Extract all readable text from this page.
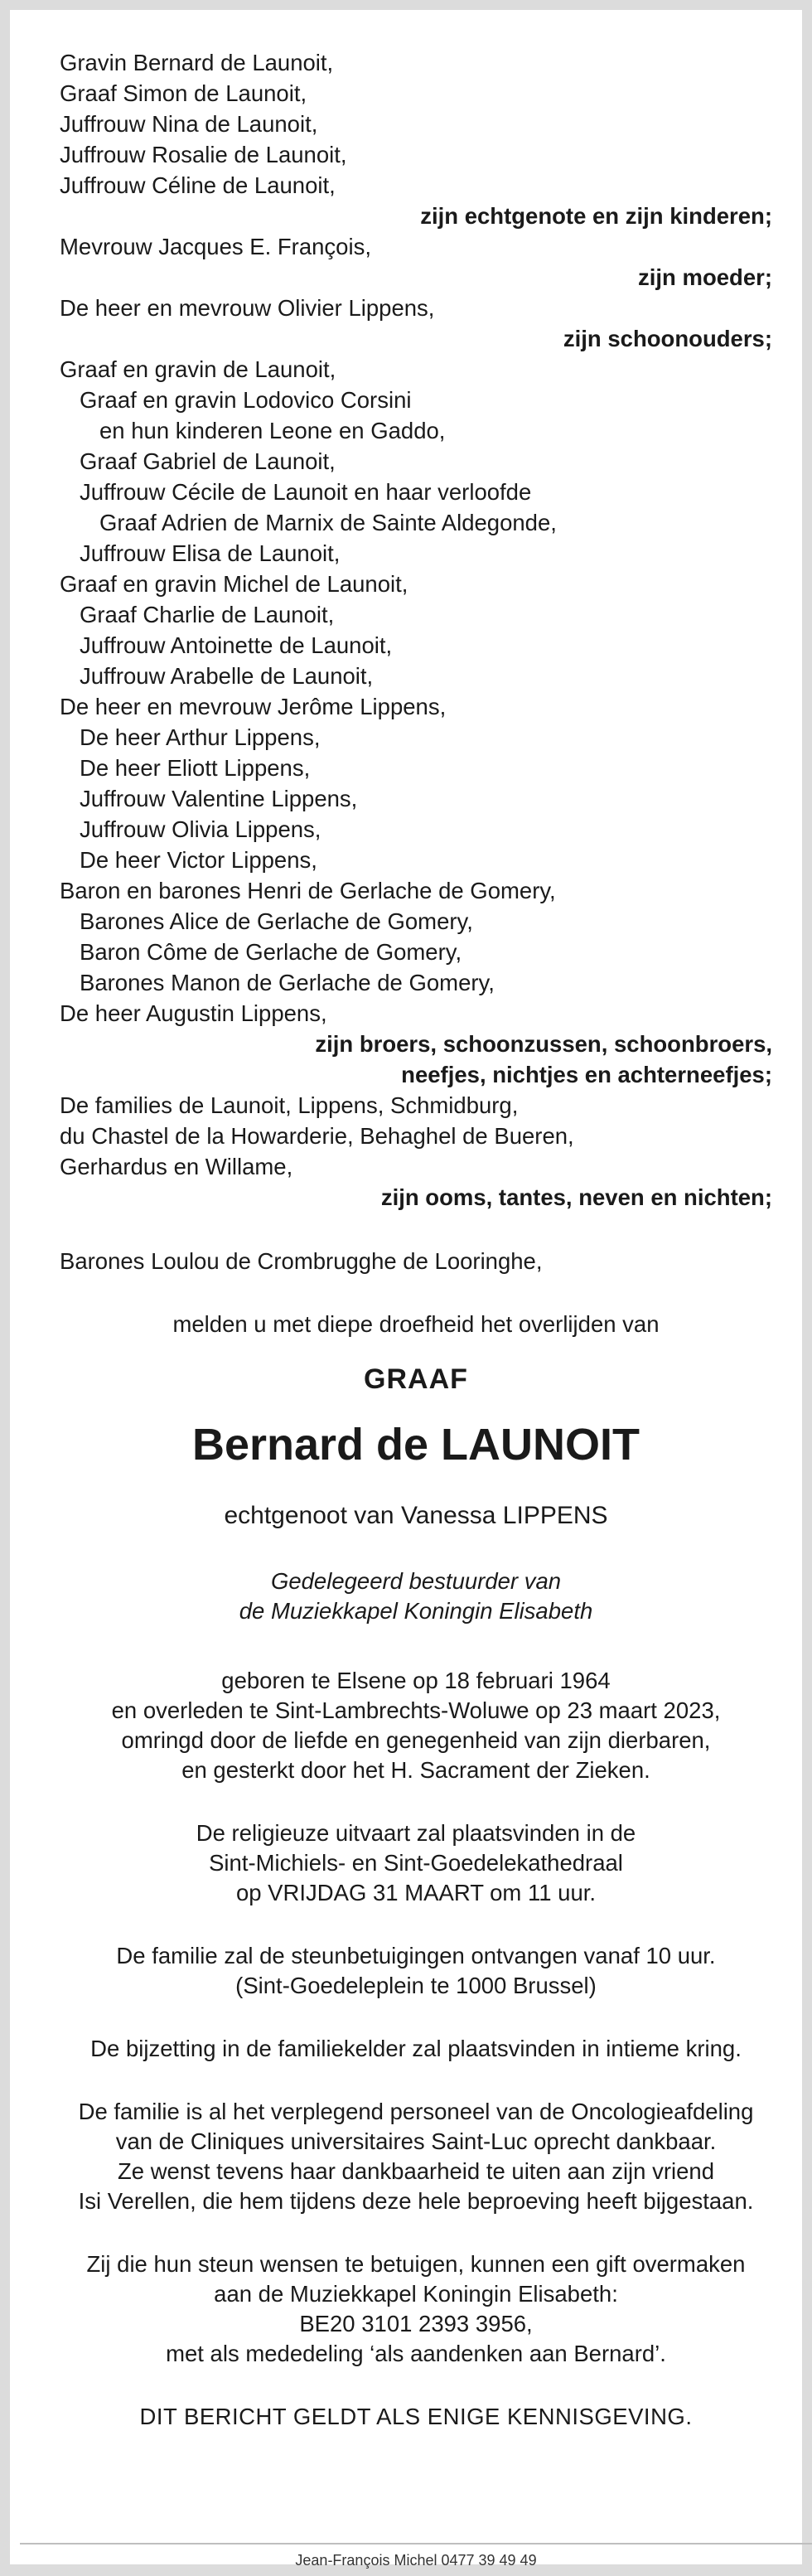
Gravin Bernard de Launoit,
Graaf Simon de Launoit,
Juffrouw Nina de Launoit,
Juffrouw Rosalie de Launoit,
Juffrouw Céline de Launoit,
zijn echtgenote en zijn kinderen;
Mevrouw Jacques E. François,
zijn moeder;
De heer en mevrouw Olivier Lippens,
zijn schoonouders;
Graaf en gravin de Launoit,
Graaf en gravin Lodovico Corsini
en hun kinderen Leone en Gaddo,
Graaf Gabriel de Launoit,
Juffrouw Cécile de Launoit en haar verloofde
Graaf Adrien de Marnix de Sainte Aldegonde,
Juffrouw Elisa de Launoit,
Graaf en gravin Michel de Launoit,
Graaf Charlie de Launoit,
Juffrouw Antoinette de Launoit,
Juffrouw Arabelle de Launoit,
De heer en mevrouw Jerôme Lippens,
De heer Arthur Lippens,
De heer Eliott Lippens,
Juffrouw Valentine Lippens,
Juffrouw Olivia Lippens,
De heer Victor Lippens,
Baron en barones Henri de Gerlache de Gomery,
Barones Alice de Gerlache de Gomery,
Baron Côme de Gerlache de Gomery,
Barones Manon de Gerlache de Gomery,
De heer Augustin Lippens,
zijn broers, schoonzussen, schoonbroers,
neefjes, nichtjes en achterneefjes;
De families de Launoit, Lippens, Schmidburg,
du Chastel de la Howarderie, Behaghel de Bueren,
Gerhardus en Willame,
zijn ooms, tantes, neven en nichten;
Barones Loulou de Crombrugghe de Looringhe,
melden u met diepe droefheid het overlijden van
GRAAF
Bernard de LAUNOIT
echtgenoot van Vanessa LIPPENS
Gedelegeerd bestuurder van
de Muziekkapel Koningin Elisabeth
geboren te Elsene op 18 februari 1964
en overleden te Sint-Lambrechts-Woluwe op 23 maart 2023,
omringd door de liefde en genegenheid van zijn dierbaren,
en gesterkt door het H. Sacrament der Zieken.
De religieuze uitvaart zal plaatsvinden in de
Sint-Michiels- en Sint-Goedelekathedraal
op VRIJDAG 31 MAART om 11 uur.
De familie zal de steunbetuigingen ontvangen vanaf 10 uur.
(Sint-Goedeleplein te 1000 Brussel)
De bijzetting in de familiekelder zal plaatsvinden in intieme kring.
De familie is al het verplegend personeel van de Oncologieafdeling
van de Cliniques universitaires Saint-Luc oprecht dankbaar.
Ze wenst tevens haar dankbaarheid te uiten aan zijn vriend
Isi Verellen, die hem tijdens deze hele beproeving heeft bijgestaan.
Zij die hun steun wensen te betuigen, kunnen een gift overmaken
aan de Muziekkapel Koningin Elisabeth:
BE20 3101 2393 3956,
met als mededeling ‘als aandenken aan Bernard’.
DIT BERICHT GELDT ALS ENIGE KENNISGEVING.
Jean-François Michel 0477 39 49 49
